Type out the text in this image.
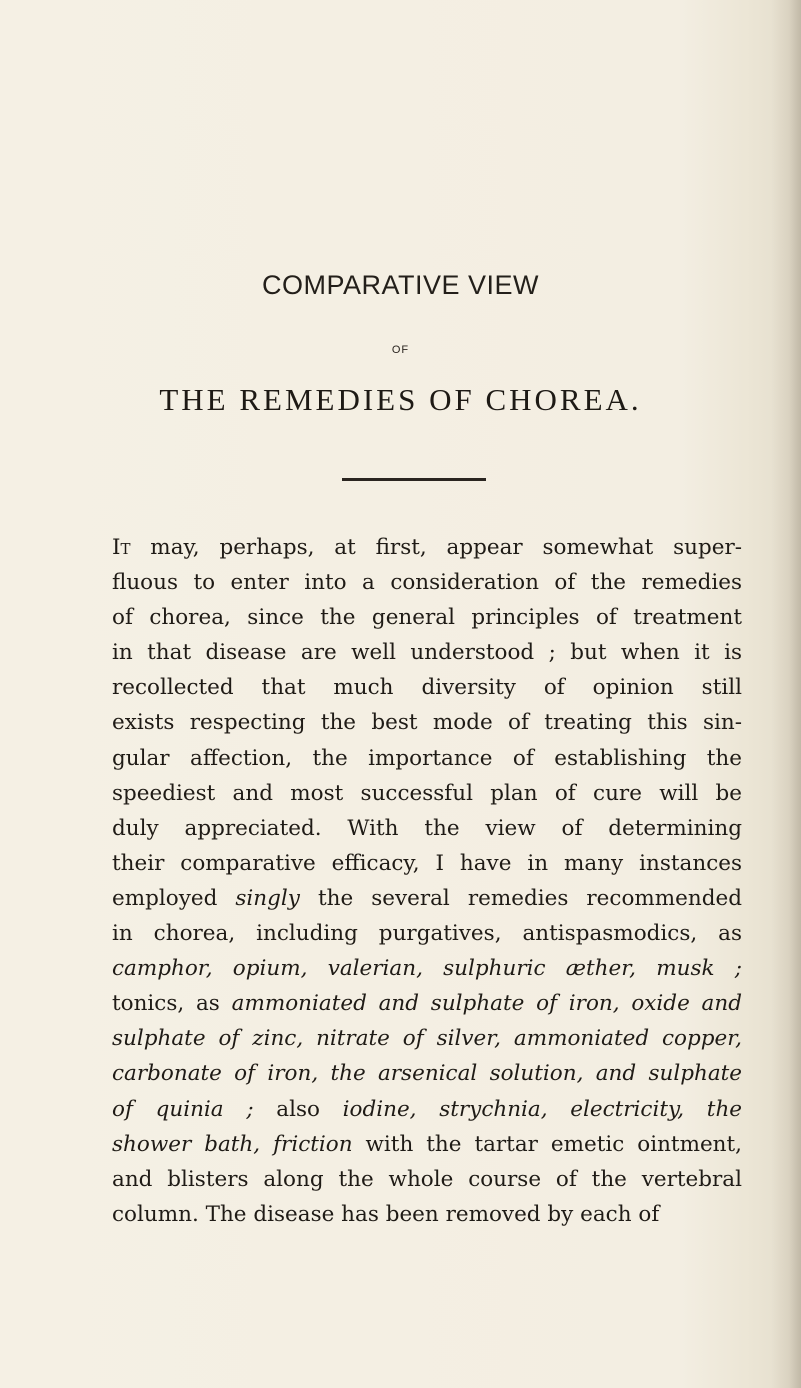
COMPARATIVE VIEW
OF
THE REMEDIES OF CHOREA.
It may, perhaps, at first, appear somewhat super-
fluous to enter into a consideration of the remedies
of chorea, since the general principles of treatment
in that disease are well understood ; but when it is
recollected that much diversity of opinion still
exists respecting the best mode of treating this sin-
gular affection, the importance of establishing the
speediest and most successful plan of cure will be
duly appreciated. With the view of determining
their comparative efficacy, I have in many instances
employed singly the several remedies recommended
in chorea, including purgatives, antispasmodics, as
camphor, opium, valerian, sulphuric æther, musk ;
tonics, as ammoniated and sulphate of iron, oxide and
sulphate of zinc, nitrate of silver, ammoniated copper,
carbonate of iron, the arsenical solution, and sulphate
of quinia ; also iodine, strychnia, electricity, the
shower bath, friction with the tartar emetic ointment,
and blisters along the whole course of the vertebral
column. The disease has been removed by each of
